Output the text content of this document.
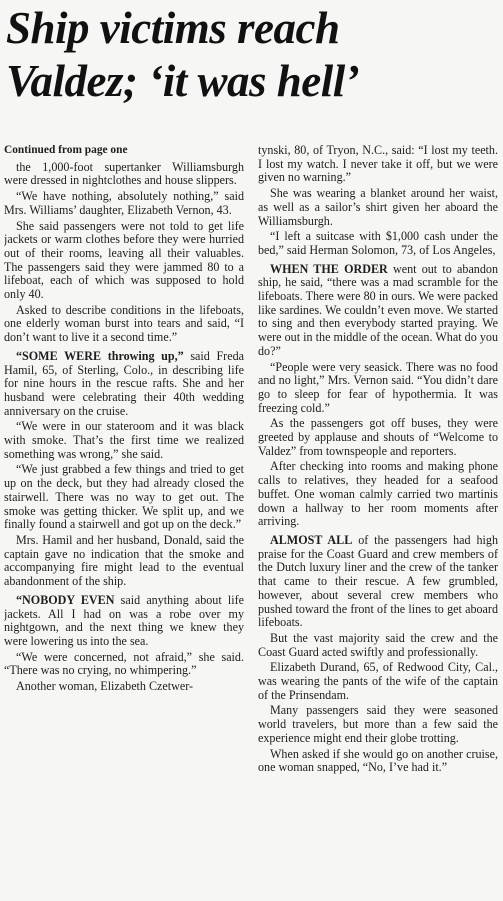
Ship victims reach
Valdez; ‘it was hell’

Continued from page one

the 1,000-foot supertanker Williamsburgh were dressed in nightclothes and house slippers.

“We have nothing, absolutely nothing,” said Mrs. Williams’ daughter, Elizabeth Vernon, 43.

She said passengers were not told to get life jackets or warm clothes before they were hurried out of their rooms, leaving all their valuables. The passengers said they were jammed 80 to a lifeboat, each of which was supposed to hold only 40.

Asked to describe conditions in the lifeboats, one elderly woman burst into tears and said, “I don’t want to live it a second time.”

“SOME WERE throwing up,” said Freda Hamil, 65, of Sterling, Colo., in describing life for nine hours in the rescue rafts. She and her husband were celebrating their 40th wedding anniversary on the cruise.

“We were in our stateroom and it was black with smoke. That’s the first time we realized something was wrong,” she said.

“We just grabbed a few things and tried to get up on the deck, but they had already closed the stairwell. There was no way to get out. The smoke was getting thicker. We split up, and we finally found a stairwell and got up on the deck.”

Mrs. Hamil and her husband, Donald, said the captain gave no indication that the smoke and accompanying fire might lead to the eventual abandonment of the ship.

“NOBODY EVEN said anything about life jackets. All I had on was a robe over my nightgown, and the next thing we knew they were lowering us into the sea.

“We were concerned, not afraid,” she said. “There was no crying, no whimpering.”

Another woman, Elizabeth Czetwer-

tynski, 80, of Tryon, N.C., said: “I lost my teeth. I lost my watch. I never take it off, but we were given no warning.”

She was wearing a blanket around her waist, as well as a sailor’s shirt given her aboard the Williamsburgh.

“I left a suitcase with $1,000 cash under the bed,” said Herman Solomon, 73, of Los Angeles,

WHEN THE ORDER went out to abandon ship, he said, “there was a mad scramble for the lifeboats. There were 80 in ours. We were packed like sardines. We couldn’t even move. We started to sing and then everybody started praying. We were out in the middle of the ocean. What do you do?”

“People were very seasick. There was no food and no light,” Mrs. Vernon said. “You didn’t dare go to sleep for fear of hypothermia. It was freezing cold.”

As the passengers got off buses, they were greeted by applause and shouts of “Welcome to Valdez” from townspeople and reporters.

After checking into rooms and making phone calls to relatives, they headed for a seafood buffet. One woman calmly carried two martinis down a hallway to her room moments after arriving.

ALMOST ALL of the passengers had high praise for the Coast Guard and crew members of the Dutch luxury liner and the crew of the tanker that came to their rescue. A few grumbled, however, about several crew members who pushed toward the front of the lines to get aboard lifeboats.

But the vast majority said the crew and the Coast Guard acted swiftly and professionally.

Elizabeth Durand, 65, of Redwood City, Cal., was wearing the pants of the wife of the captain of the Prinsendam.

Many passengers said they were seasoned world travelers, but more than a few said the experience might end their globe trotting.

When asked if she would go on another cruise, one woman snapped, “No, I’ve had it.”
